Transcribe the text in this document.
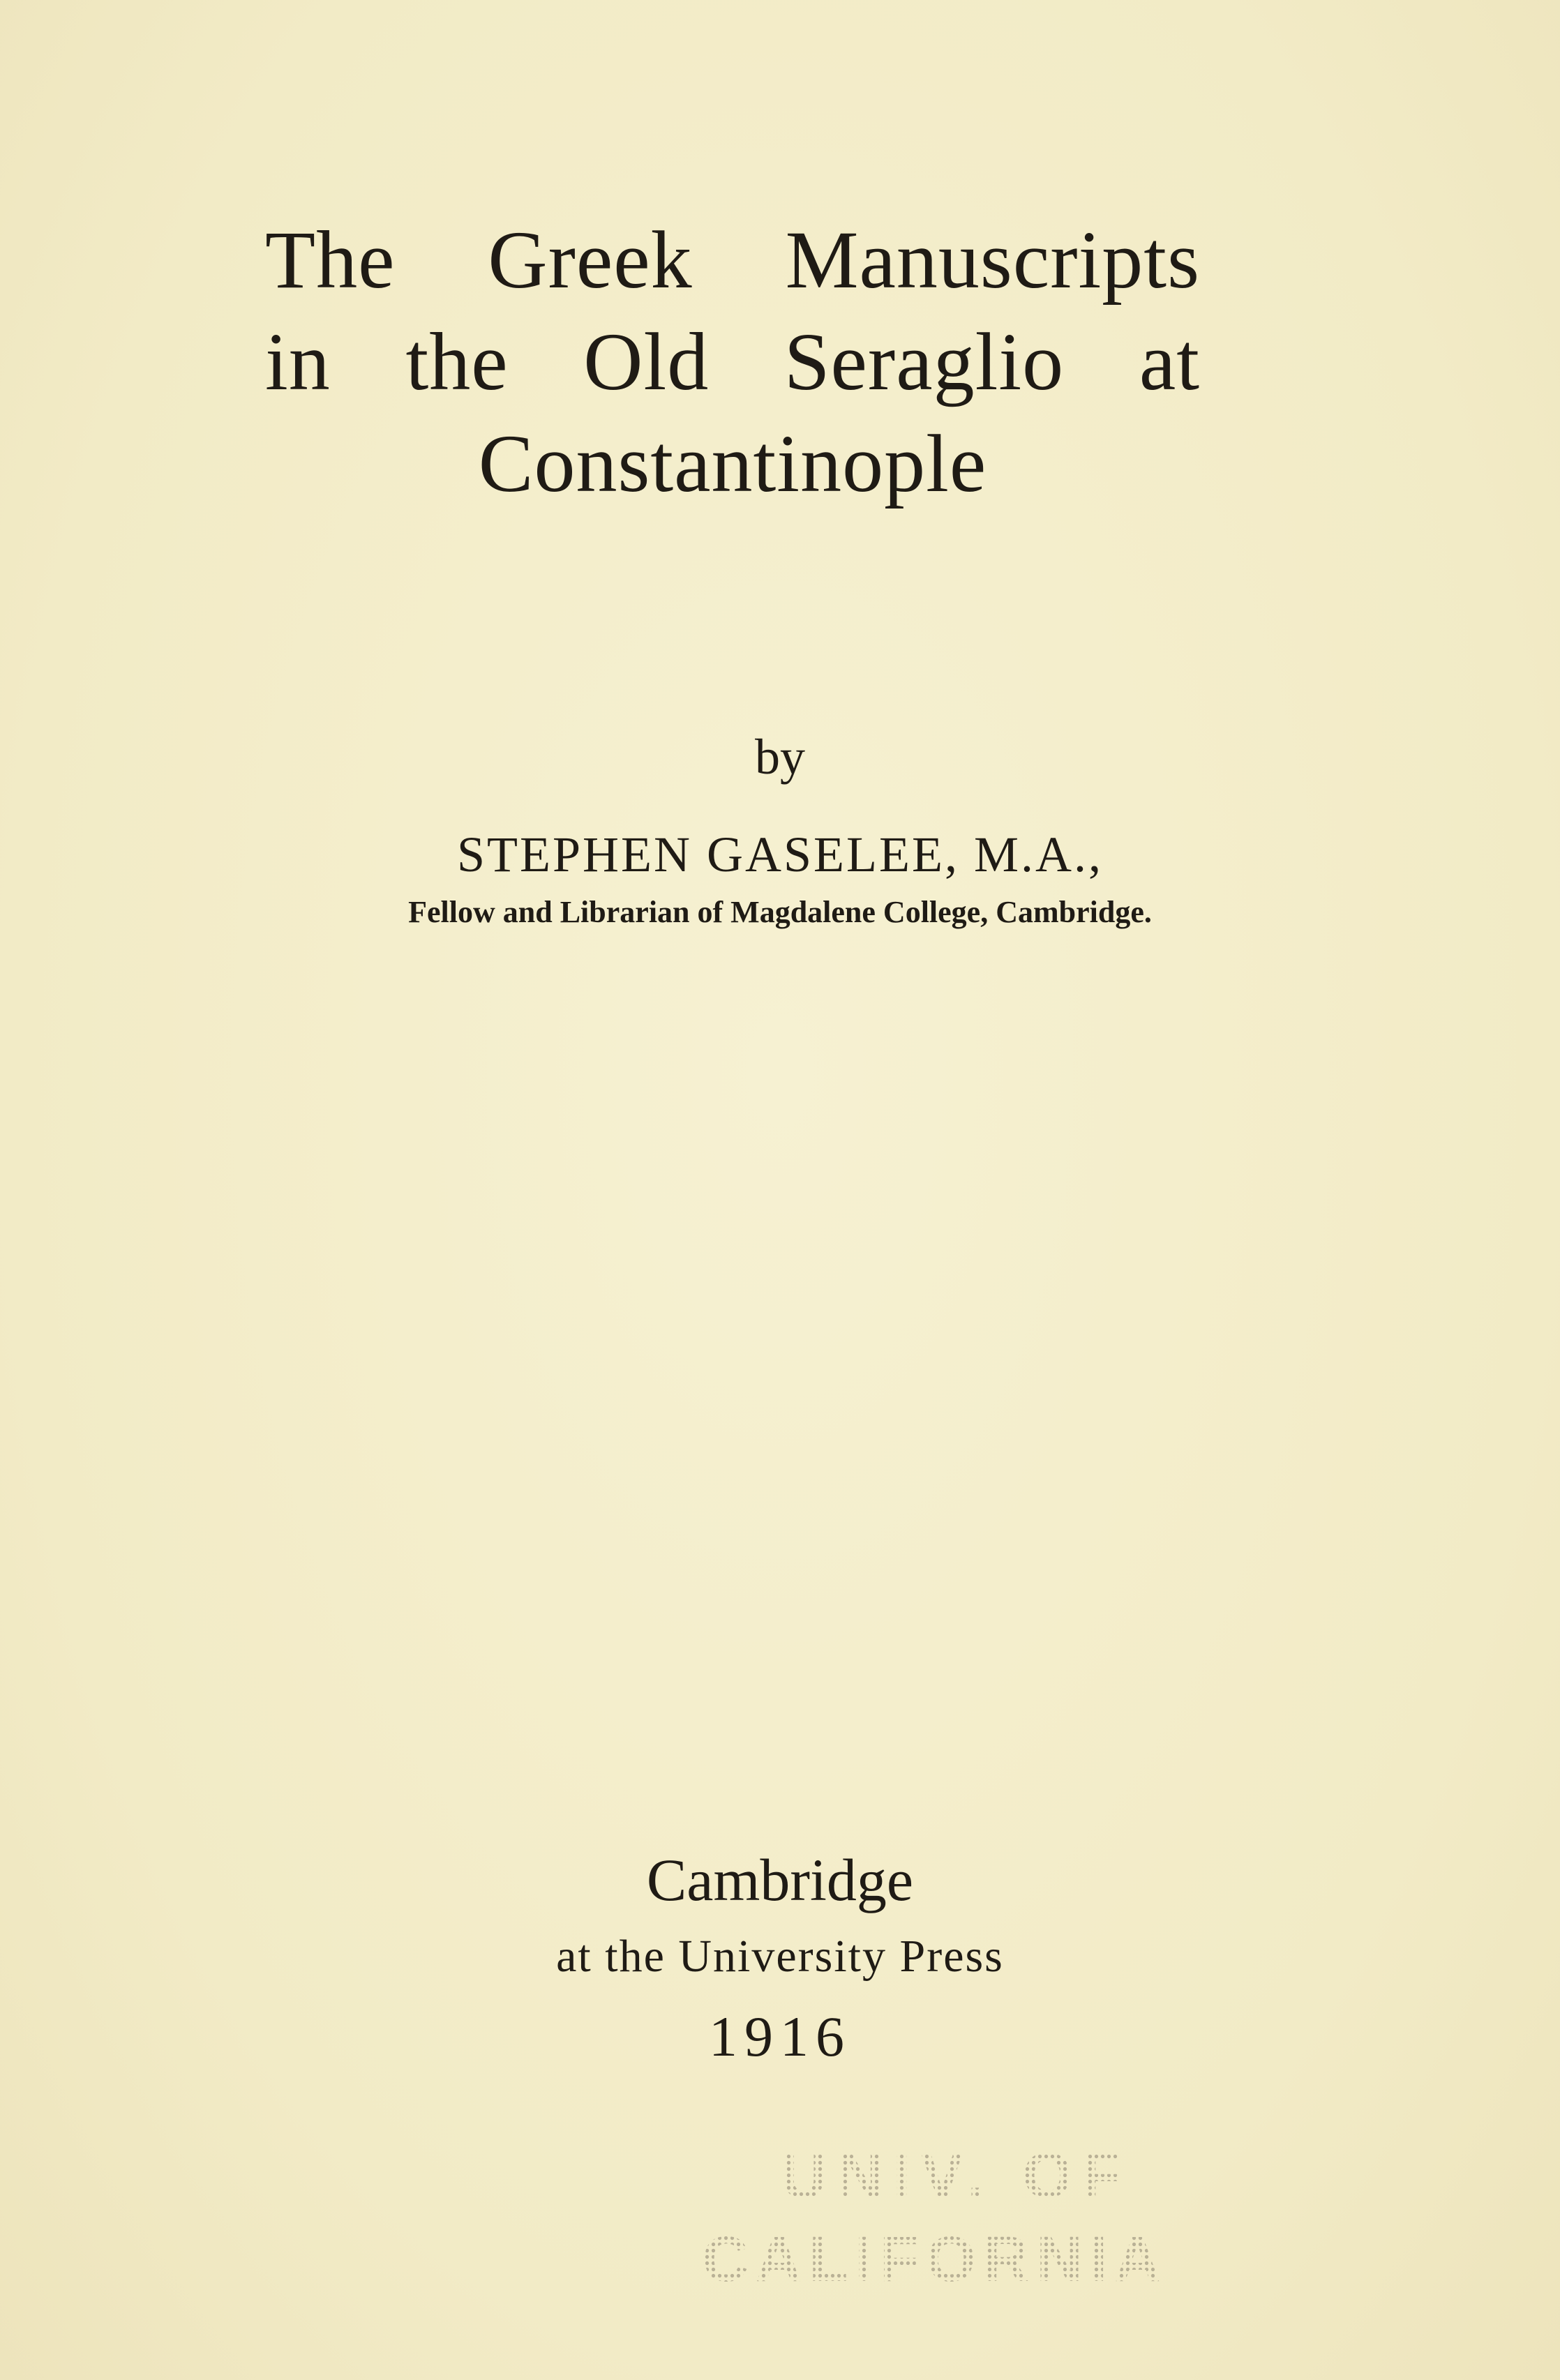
The Greek Manuscripts
in the Old Seraglio at
Constantinople
by
STEPHEN GASELEE, M.A.,
Fellow and Librarian of Magdalene College, Cambridge.
Cambridge
at the University Press
1916
UNIV. OF
CALIFORNIA
